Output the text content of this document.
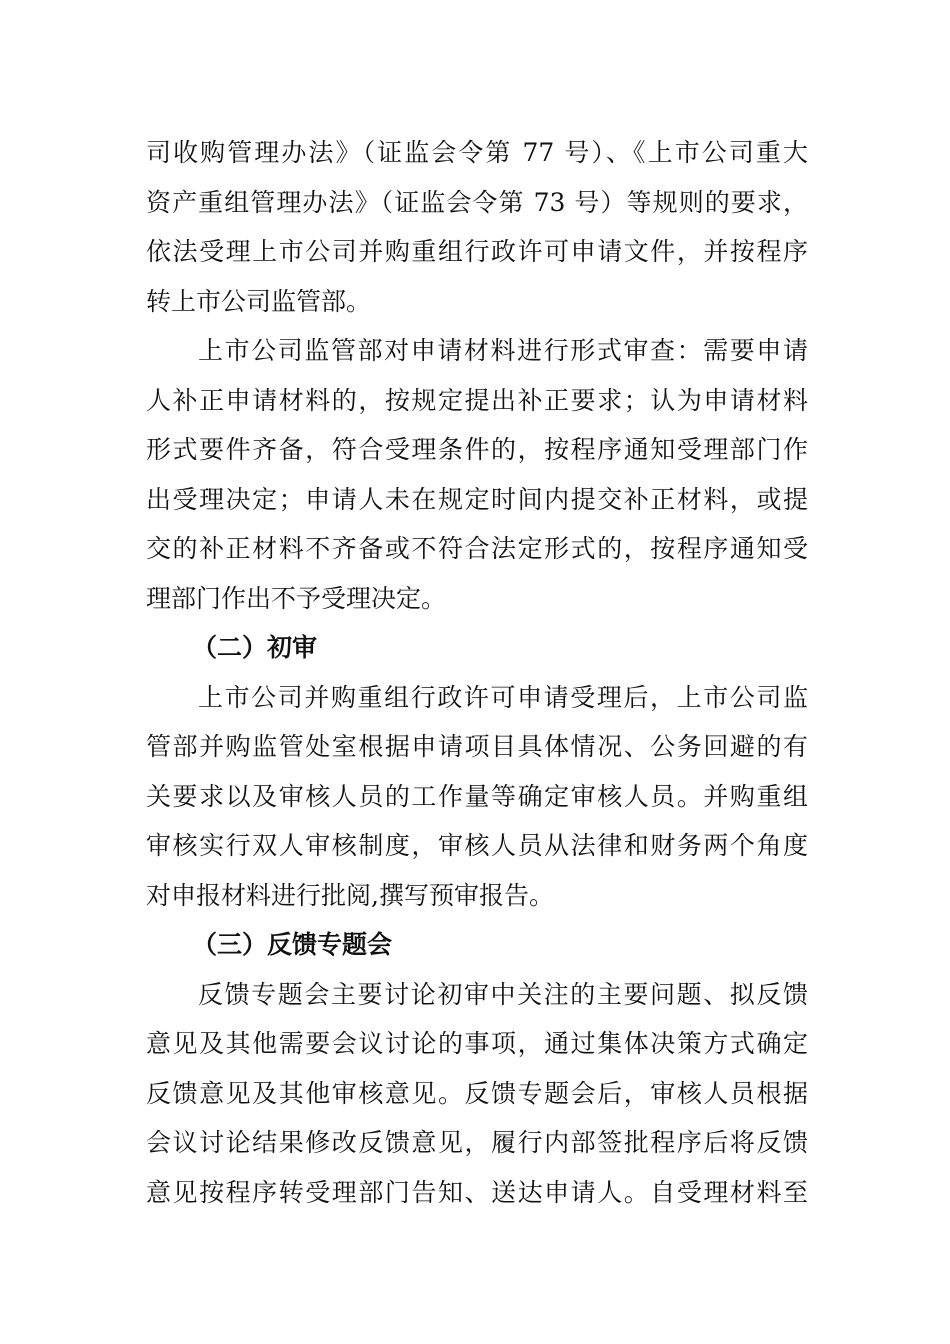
司收购管理办法》（证监会令第 77 号）、《上市公司重大
资产重组管理办法》（证监会令第 73 号）等规则的要求，
依法受理上市公司并购重组行政许可申请文件，并按程序
转上市公司监管部。
上市公司监管部对申请材料进行形式审查：需要申请
人补正申请材料的，按规定提出补正要求；认为申请材料
形式要件齐备，符合受理条件的，按程序通知受理部门作
出受理决定；申请人未在规定时间内提交补正材料，或提
交的补正材料不齐备或不符合法定形式的，按程序通知受
理部门作出不予受理决定。
（二）初审
上市公司并购重组行政许可申请受理后，上市公司监
管部并购监管处室根据申请项目具体情况、公务回避的有
关要求以及审核人员的工作量等确定审核人员。并购重组
审核实行双人审核制度，审核人员从法律和财务两个角度
对申报材料进行批阅,撰写预审报告。
（三）反馈专题会
反馈专题会主要讨论初审中关注的主要问题、拟反馈
意见及其他需要会议讨论的事项，通过集体决策方式确定
反馈意见及其他审核意见。反馈专题会后，审核人员根据
会议讨论结果修改反馈意见，履行内部签批程序后将反馈
意见按程序转受理部门告知、送达申请人。自受理材料至
